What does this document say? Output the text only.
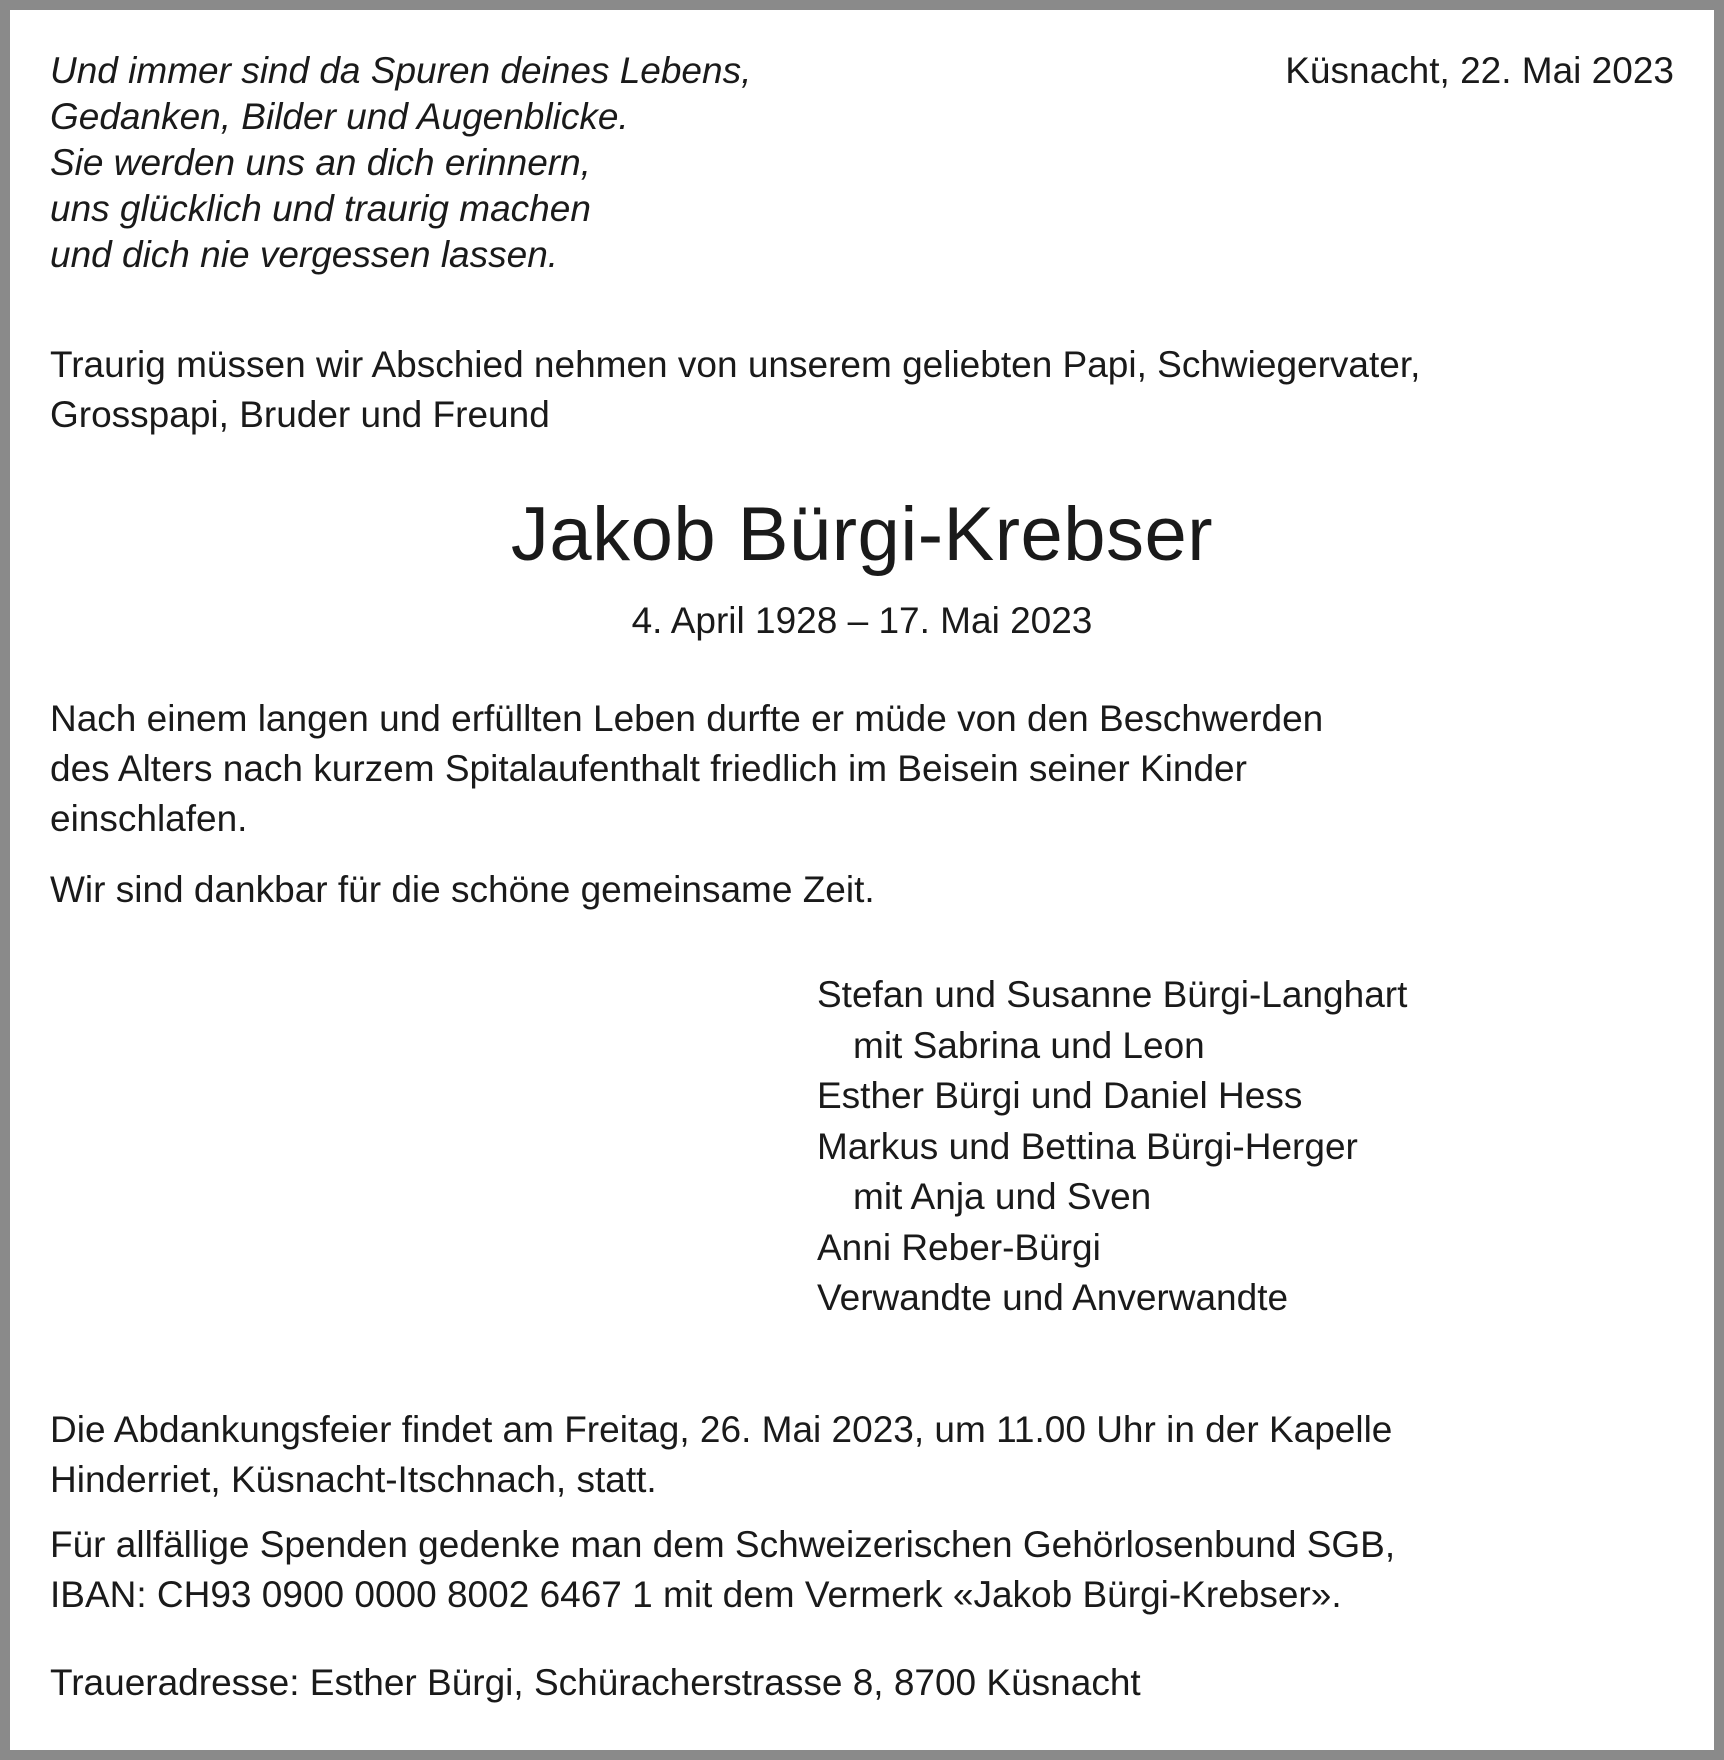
Und immer sind da Spuren deines Lebens,
Gedanken, Bilder und Augenblicke.
Sie werden uns an dich erinnern,
uns glücklich und traurig machen
und dich nie vergessen lassen.

Küsnacht, 22. Mai 2023
Traurig müssen wir Abschied nehmen von unserem geliebten Papi, Schwiegervater,
Grosspapi, Bruder und Freund
Jakob Bürgi-Krebser
4. April 1928 – 17. Mai 2023
Nach einem langen und erfüllten Leben durfte er müde von den Beschwerden
des Alters nach kurzem Spitalaufenthalt friedlich im Beisein seiner Kinder
einschlafen.
Wir sind dankbar für die schöne gemeinsame Zeit.
Stefan und Susanne Bürgi-Langhart
mit Sabrina und Leon
Esther Bürgi und Daniel Hess
Markus und Bettina Bürgi-Herger
mit Anja und Sven
Anni Reber-Bürgi
Verwandte und Anverwandte
Die Abdankungsfeier findet am Freitag, 26. Mai 2023, um 11.00 Uhr in der Kapelle
Hinderriet, Küsnacht-Itschnach, statt.
Für allfällige Spenden gedenke man dem Schweizerischen Gehörlosenbund SGB,
IBAN: CH93 0900 0000 8002 6467 1 mit dem Vermerk «Jakob Bürgi-Krebser».
Traueradresse: Esther Bürgi, Schüracherstrasse 8, 8700 Küsnacht
